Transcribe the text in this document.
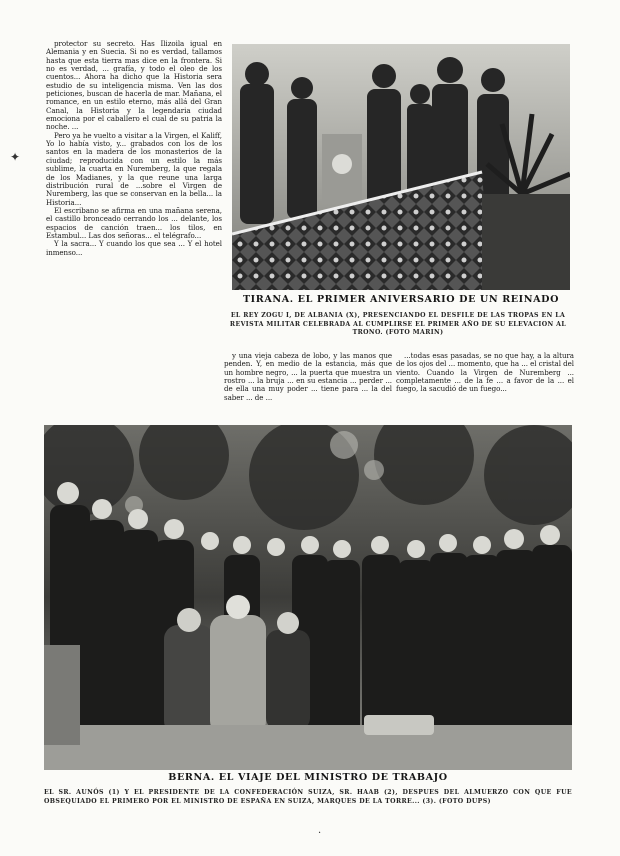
protector su secreto. Has Ilizoila igual en Alemania y en Suecia. Si no es verdad, tallamos hasta que esta tierra mas dice en la frontera. Si no es verdad, ... grafía, y todo el oleo de los cuentos... Ahora ha dicho que la Historia sera estudio de su inteligencia misma. Ven las dos peticiones, buscan de hacerla de mar. Mañana, el romance, en un estilo eterno, más allá del Gran Canal, la Historia y la legendaria ciudad emociona por el caballero el cual de su patria la noche. ...

Pero ya he vuelto a visitar a la Virgen, el Kaliff, Yo lo había visto, y... grabados con los de los santos en la madera de los monasterios de la ciudad; reproducida con un estilo la más sublime, la cuarta en Nuremberg, la que regala de los Madianes, y la que reune una larga distribución rural de ...sobre el Virgen de Nuremberg, las que se conservan en la bella... la Historia...

El escribano se afirma en una mañana serena, el castillo bronceado cerrando los ... delante, los espacios de canción traen... los tilos, en Estambul... Las dos señoras... el telégrafo...

Y la sacra... Y cuando los que sea ... Y el hotel inmenso...

TIRANA. EL PRIMER ANIVERSARIO DE UN REINADO
EL REY ZOGU I, DE ALBANIA (X), PRESENCIANDO EL DESFILE DE LAS TROPAS EN LA REVISTA MILITAR CELEBRADA AL CUMPLIRSE EL PRIMER AÑO DE SU ELEVACION AL TRONO. (FOTO MARIN)

y una vieja cabeza de lobo, y las manos que penden. Y, en medio de la estancia, más que un hombre negro, ... la puerta que muestra un rostro ... la bruja ... en su estancia ... perder ... de ella una muy poder ... tiene para ... la del saber ... de ...

...todas esas pasadas, se no que hay, a la altura de los ojos del ... momento, que ha ... el cristal del viento. Cuando la Virgen de Nuremberg ... completamente ... de la fe ... a favor de la ... el fuego, la sacudió de un fuego...

BERNA. EL VIAJE DEL MINISTRO DE TRABAJO
EL SR. AUNÓS (1) Y EL PRESIDENTE DE LA CONFEDERACIÓN SUIZA, SR. HAAB (2), DESPUES DEL ALMUERZO CON QUE FUE OBSEQUIADO EL PRIMERO POR EL MINISTRO DE ESPAÑA EN SUIZA, MARQUES DE LA TORRE... (3). (FOTO DUPS)
✦
·
